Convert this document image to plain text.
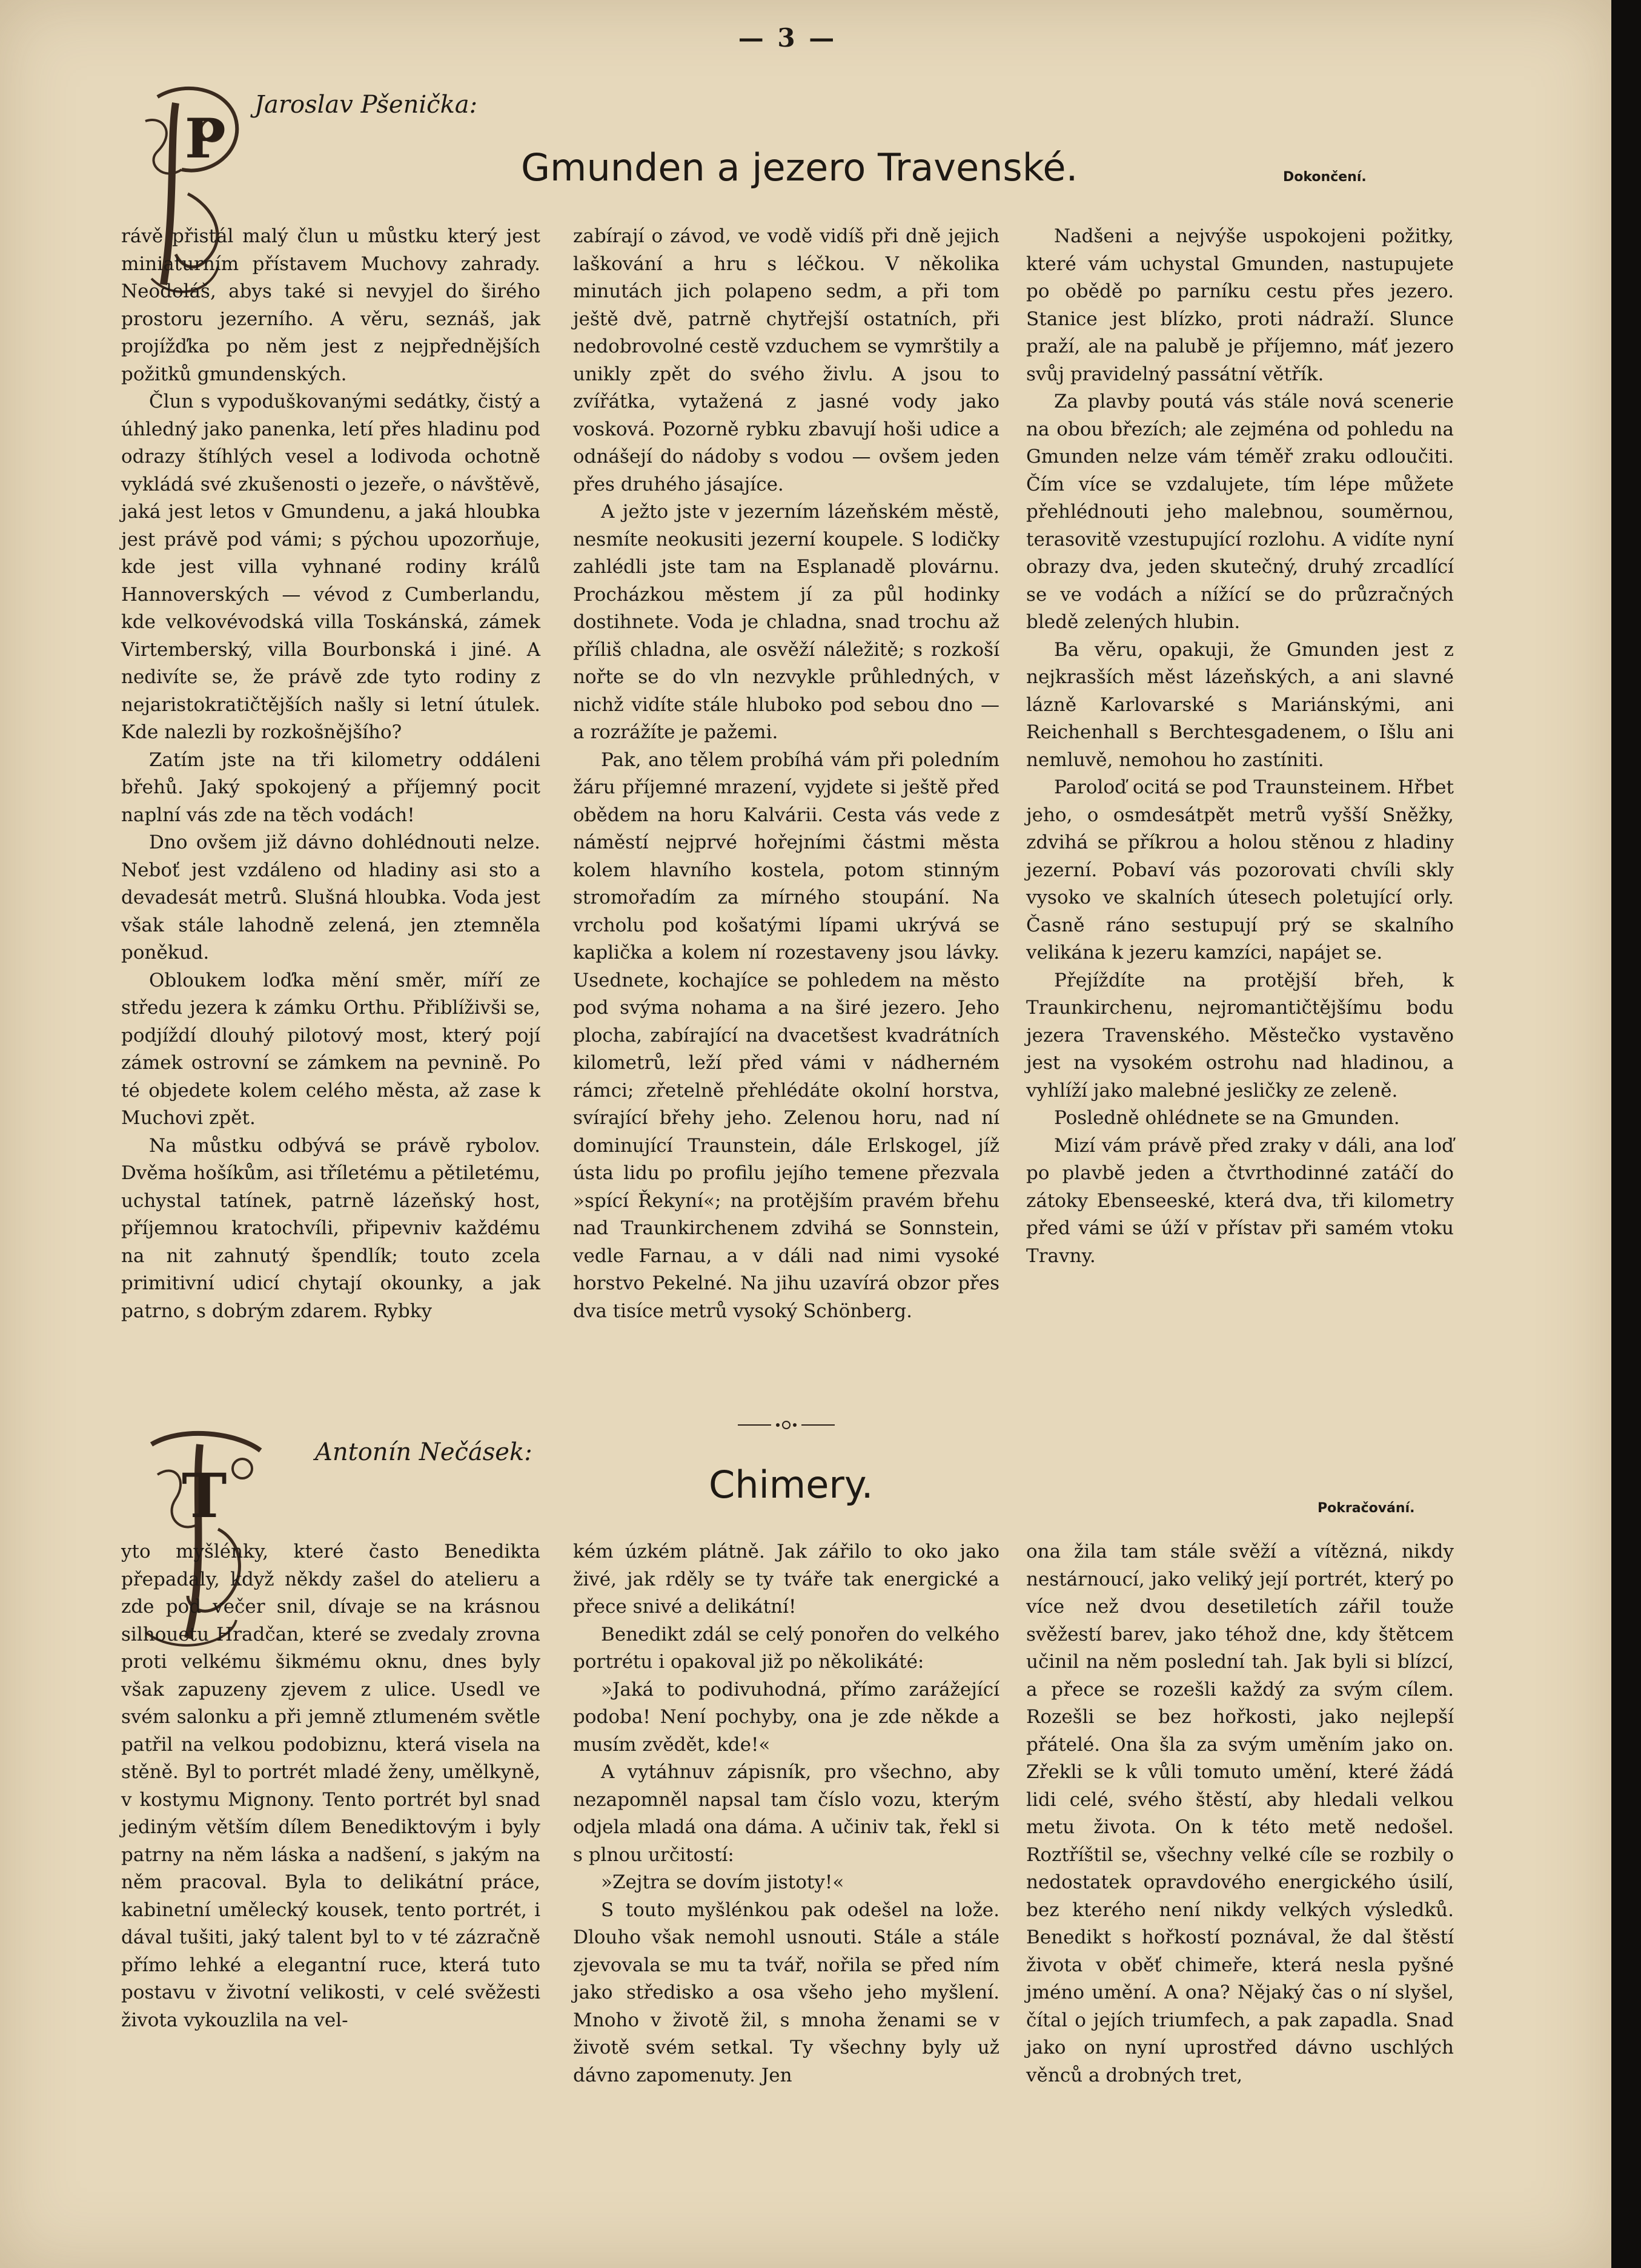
— 3 —
Jaroslav Pšenička:
Gmunden a jezero Travenské.	Dokončení.
P

rávě přistál malý člun u můstku který jest miniaturním přístavem Muchovy zahrady. Neodoláš, abys také si nevyjel do širého prostoru jezerního. A věru, seznáš, jak projížďka po něm jest z nejpřednějších požitků gmundenských.

Člun s vypoduškovanými sedátky, čistý a úhledný jako panenka, letí přes hladinu pod odrazy štíhlých vesel a lodivoda ochotně vykládá své zkušenosti o jezeře, o návštěvě, jaká jest letos v Gmundenu, a jaká hloubka jest právě pod vámi; s pýchou upozorňuje, kde jest villa vyhnané rodiny králů Hannoverských — vévod z Cumberlandu, kde velkovévodská villa Toskánská, zámek Virtemberský, villa Bourbonská i jiné. A nedivíte se, že právě zde tyto rodiny z nejaristokratičtějších našly si letní útulek. Kde nalezli by rozkošnějšího?

Zatím jste na tři kilometry oddáleni břehů. Jaký spokojený a příjemný pocit naplní vás zde na těch vodách!

Dno ovšem již dávno dohlédnouti nelze. Neboť jest vzdáleno od hladiny asi sto a devadesát metrů. Slušná hloubka. Voda jest však stále lahodně zelená, jen ztemněla poněkud.

Obloukem loďka mění směr, míří ze středu jezera k zámku Orthu. Přiblíživši se, podjíždí dlouhý pilotový most, který pojí zámek ostrovní se zámkem na pevnině. Po té objedete kolem celého města, až zase k Muchovi zpět.

Na můstku odbývá se právě rybolov. Dvěma hošíkům, asi tříletému a pětiletému, uchystal tatínek, patrně lázeňský host, příjemnou kratochvíli, připevniv každému na nit zahnutý špendlík; touto zcela primitivní udicí chytají okounky, a jak patrno, s dobrým zdarem. Rybky

zabírají o závod, ve vodě vidíš při dně jejich laškování a hru s léčkou. V několika minutách jich polapeno sedm, a při tom ještě dvě, patrně chytřejší ostatních, při nedobrovolné cestě vzduchem se vymrštily a unikly zpět do svého živlu. A jsou to zvířátka, vytažená z jasné vody jako vosková. Pozorně rybku zbavují hoši udice a odnášejí do nádoby s vodou — ovšem jeden přes druhého jásajíce.

A ježto jste v jezerním lázeňském městě, nesmíte neokusiti jezerní koupele. S lodičky zahlédli jste tam na Esplanadě plovárnu. Procházkou městem jí za půl hodinky dostihnete. Voda je chladna, snad trochu až příliš chladna, ale osvěží náležitě; s rozkoší nořte se do vln nezvykle průhledných, v nichž vidíte stále hluboko pod sebou dno — a rozrážíte je pažemi.

Pak, ano tělem probíhá vám při poledním žáru příjemné mrazení, vyjdete si ještě před obědem na horu Kalvárii. Cesta vás vede z náměstí nejprvé hořejními částmi města kolem hlavního kostela, potom stinným stromořadím za mírného stoupání. Na vrcholu pod košatými lípami ukrývá se kaplička a kolem ní rozestaveny jsou lávky. Usednete, kochajíce se pohledem na město pod svýma nohama a na širé jezero. Jeho plocha, zabírající na dvacetšest kvadrátních kilometrů, leží před vámi v nádherném rámci; zřetelně přehlédáte okolní horstva, svírající břehy jeho. Zelenou horu, nad ní dominující Traunstein, dále Erlskogel, jíž ústa lidu po profilu jejího temene přezvala »spící Řekyní«; na protějším pravém břehu nad Traunkirchenem zdvihá se Sonnstein, vedle Farnau, a v dáli nad nimi vysoké horstvo Pekelné. Na jihu uzavírá obzor přes dva tisíce metrů vysoký Schönberg.

Nadšeni a nejvýše uspokojeni požitky, které vám uchystal Gmunden, nastupujete po obědě po parníku cestu přes jezero. Stanice jest blízko, proti nádraží. Slunce praží, ale na palubě je příjemno, máť jezero svůj pravidelný passátní větřík.

Za plavby poutá vás stále nová scenerie na obou březích; ale zejména od pohledu na Gmunden nelze vám téměř zraku odloučiti. Čím více se vzdalujete, tím lépe můžete přehlédnouti jeho malebnou, souměrnou, terasovitě vzestupující rozlohu. A vidíte nyní obrazy dva, jeden skutečný, druhý zrcadlící se ve vodách a nížící se do průzračných bledě zelených hlubin.

Ba věru, opakuji, že Gmunden jest z nejkrasších měst lázeňských, a ani slavné lázně Karlovarské s Mariánskými, ani Reichenhall s Berchtesgadenem, o Išlu ani nemluvě, nemohou ho zastíniti.

Paroloď ocitá se pod Traunsteinem. Hřbet jeho, o osmdesátpět metrů vyšší Sněžky, zdvihá se příkrou a holou stěnou z hladiny jezerní. Pobaví vás pozorovati chvíli skly vysoko ve skalních útesech poletující orly. Časně ráno sestupují prý se skalního velikána k jezeru kamzíci, napájet se.

Přejíždíte na protější břeh, k Traunkirchenu, nejromantičtějšímu bodu jezera Travenského. Městečko vystavěno jest na vysokém ostrohu nad hladinou, a vyhlíží jako malebné jesličky ze zeleně.

Posledně ohlédnete se na Gmunden.

Mizí vám právě před zraky v dáli, ana loď po plavbě jeden a čtvrthodinné zatáčí do zátoky Ebenseeské, která dva, tři kilometry před vámi se úží v přístav při samém vtoku Travny.

Antonín Nečásek:
Chimery.
Pokračování.
T

yto myšlénky, které často Benedikta přepadaly, když někdy zašel do atelieru a zde pod večer snil, dívaje se na krásnou silhouetu Hradčan, které se zvedaly zrovna proti velkému šikmému oknu, dnes byly však zapuzeny zjevem z ulice. Usedl ve svém salonku a při jemně ztlumeném světle patřil na velkou podobiznu, která visela na stěně. Byl to portrét mladé ženy, umělkyně, v kostymu Mignony. Tento portrét byl snad jediným větším dílem Benediktovým i byly patrny na něm láska a nadšení, s jakým na něm pracoval. Byla to delikátní práce, kabinetní umělecký kousek, tento portrét, i dával tušiti, jaký talent byl to v té zázračně přímo lehké a elegantní ruce, která tuto postavu v životní velikosti, v celé svěžesti života vykouzlila na vel-

kém úzkém plátně. Jak zářilo to oko jako živé, jak rděly se ty tváře tak energické a přece snivé a delikátní!

Benedikt zdál se celý ponořen do velkého portrétu i opakoval již po několikáté:

»Jaká to podivuhodná, přímo zarážející podoba! Není pochyby, ona je zde někde a musím zvědět, kde!«

A vytáhnuv zápisník, pro všechno, aby nezapomněl napsal tam číslo vozu, kterým odjela mladá ona dáma. A učiniv tak, řekl si s plnou určitostí:

»Zejtra se dovím jistoty!«

S touto myšlénkou pak odešel na lože. Dlouho však nemohl usnouti. Stále a stále zjevovala se mu ta tvář, nořila se před ním jako středisko a osa všeho jeho myšlení. Mnoho v životě žil, s mnoha ženami se v životě svém setkal. Ty všechny byly už dávno zapomenuty. Jen

ona žila tam stále svěží a vítězná, nikdy nestárnoucí, jako veliký její portrét, který po více než dvou desetiletích zářil touže svěžestí barev, jako téhož dne, kdy štětcem učinil na něm poslední tah. Jak byli si blízcí, a přece se rozešli každý za svým cílem. Rozešli se bez hořkosti, jako nejlepší přátelé. Ona šla za svým uměním jako on. Zřekli se k vůli tomuto umění, které žádá lidi celé, svého štěstí, aby hledali velkou metu života. On k této metě nedošel. Roztříštil se, všechny velké cíle se rozbily o nedostatek opravdového energického úsilí, bez kterého není nikdy velkých výsledků. Benedikt s hořkostí poznával, že dal štěstí života v oběť chimeře, která nesla pyšné jméno umění. A ona? Nějaký čas o ní slyšel, čítal o jejích triumfech, a pak zapadla. Snad jako on nyní uprostřed dávno uschlých věnců a drobných tret,
